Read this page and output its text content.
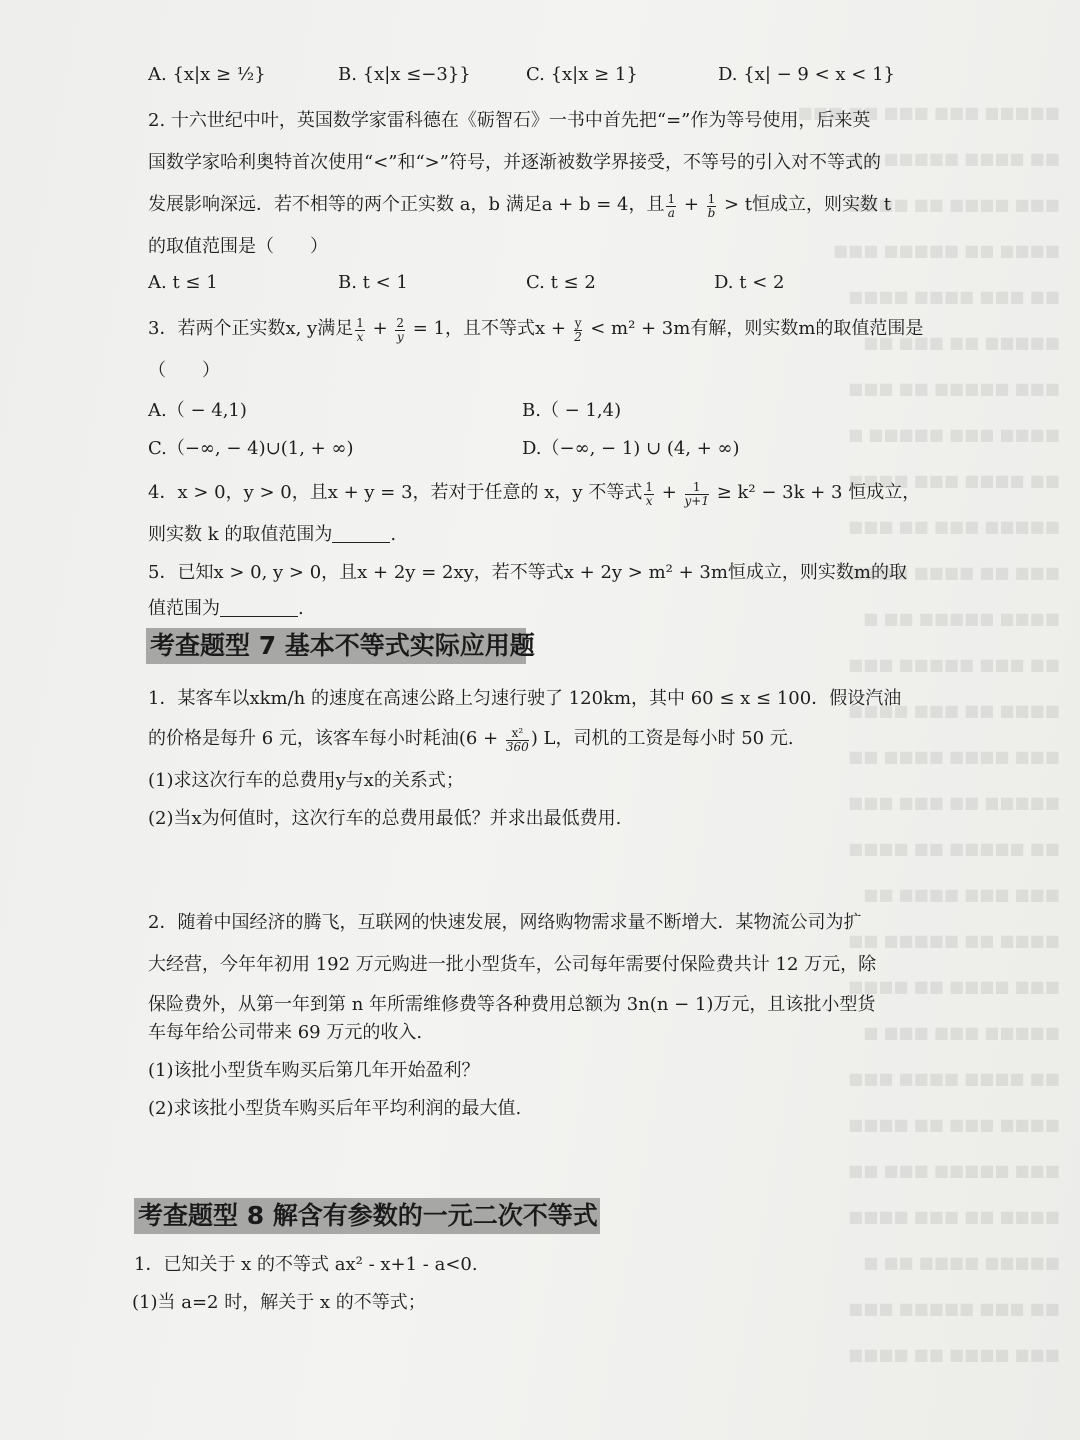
■■■■■ ■■■ ■■■ ■■ ■■■
■■ ■■■■ ■■■■■ ■■
■■■ ■■■■ ■■ ■■■■
■■■■ ■■ ■■■■■ ■■■
■■ ■■■ ■■■■ ■■■■
■■■■■ ■■ ■■■ ■■
■■■ ■■■■■ ■■ ■■■
■■■■ ■■■ ■■■■■ ■
■■ ■■■■ ■■■ ■■■■
■■■■■ ■■■ ■■ ■■■
■■■ ■■ ■■■■ ■■■■
■■■■ ■■■■■ ■■ ■
■■ ■■■ ■■■■■ ■■■
■■■■ ■■ ■■■ ■■■■
■■■ ■■■■ ■■■■ ■■
■■■■■ ■■ ■■■ ■■■
■■ ■■■■■ ■■ ■■■■
■■■ ■■■ ■■■■ ■■
■■■■ ■■ ■■■■■ ■■
■■■ ■■■■ ■■ ■■■■
■■■■■ ■■■ ■■■ ■
■■ ■■■■ ■■■■ ■■■
■■■■ ■■■ ■■ ■■■■
■■■ ■■■■■ ■■■ ■■
■■■■ ■■ ■■■ ■■■■
■■■■■ ■■■■ ■■ ■
■■ ■■■ ■■■■■ ■■■
■■■ ■■■■ ■■ ■■■■
A. {x|x ≥ ½}	B. {x|x ≤−3}}	C. {x|x ≥ 1}	D. {x| − 9 < x < 1}
2. 十六世纪中叶，英国数学家雷科德在《砺智石》一书中首先把“=”作为等号使用，后来英
国数学家哈利奥特首次使用“<”和“>”符号，并逐渐被数学界接受，不等号的引入对不等式的
发展影响深远．若不相等的两个正实数 a，b 满足a + b = 4，且 $\frac{1}{a} + \frac{1}{b} > t$恒成立，则实数 t
的取值范围是（　　）
A. t ≤ 1	B. t < 1	C. t ≤ 2	D. t < 2
3．若两个正实数x, y满足 $\frac{1}{x} + \frac{2}{y} = 1$，且不等式$x + \frac{y}{2} < m^2 + 3m$有解，则实数m的取值范围是
（　　）
A.（ − 4,1)	B.（ − 1,4)
C.（−∞, − 4)∪(1, + ∞)	D.（−∞, − 1) ∪ (4, + ∞)
4．x > 0，y > 0，且x + y = 3，若对于任意的 x，y 不等式 $\frac{1}{x} + \frac{1}{y+1} \ge k^2 - 3k + 3$ 恒成立，
则实数 k 的取值范围为	.
5．已知x > 0, y > 0，且x + 2y = 2xy，若不等式x + 2y > m² + 3m恒成立，则实数m的取
值范围为	.
考查题型 7 基本不等式实际应用题
1．某客车以xkm/h 的速度在高速公路上匀速行驶了 120km，其中 60 ≤ x ≤ 100．假设汽油
的价格是每升 6 元，该客车每小时耗油($6 + \frac{\text{x²}}{360}$ ) L，司机的工资是每小时 50 元.
(1)求这次行车的总费用y与x的关系式；
(2)当x为何值时，这次行车的总费用最低？并求出最低费用.
2．随着中国经济的腾飞，互联网的快速发展，网络购物需求量不断增大．某物流公司为扩
大经营，今年年初用 192 万元购进一批小型货车，公司每年需要付保险费共计 12 万元，除
保险费外，从第一年到第 n 年所需维修费等各种费用总额为 3n(n − 1)万元，且该批小型货
车每年给公司带来 69 万元的收入.
(1)该批小型货车购买后第几年开始盈利？
(2)求该批小型货车购买后年平均利润的最大值.
考查题型 8 解含有参数的一元二次不等式
1．已知关于 x 的不等式 ax² - x+1 - a<0.
(1)当 a=2 时，解关于 x 的不等式；
